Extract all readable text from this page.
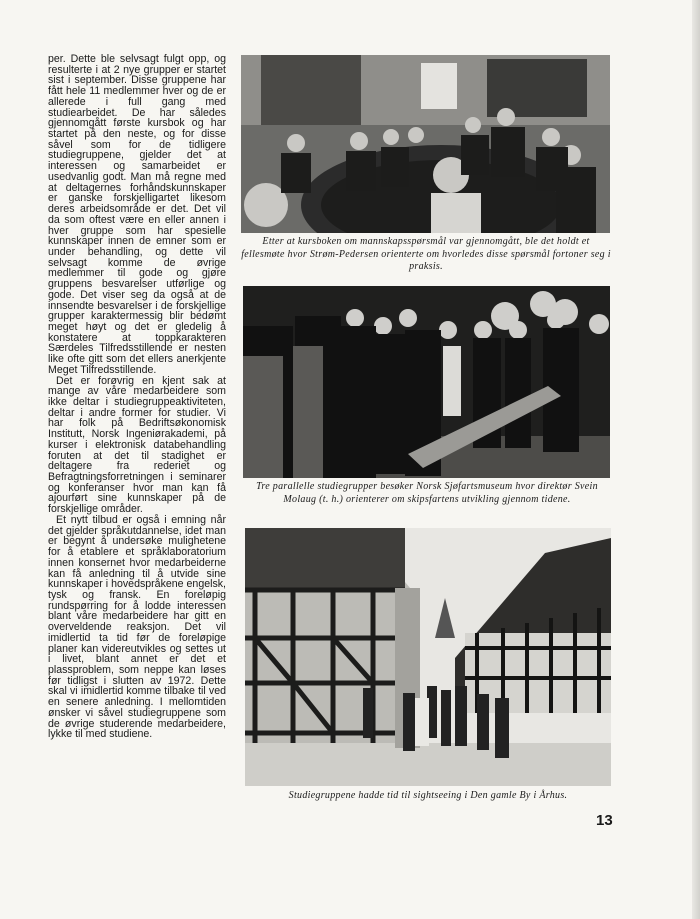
per. Dette ble selvsagt fulgt opp, og resulterte i at 2 nye grupper er startet sist i september. Disse gruppene har fått hele 11 medlemmer hver og de er allerede i full gang med studiearbeidet. De har således gjennomgått første kursbok og har startet på den neste, og for disse såvel som for de tidligere studiegruppene, gjelder det at interessen og samarbeidet er usedvanlig godt. Man må regne med at deltagernes forhåndskunnskaper er ganske forskjelligartet likesom deres arbeidsområde er det. Det vil da som oftest være en eller annen i hver gruppe som har spesielle kunnskaper innen de emner som er under behandling, og dette vil selvsagt komme de øvrige medlemmer til gode og gjøre gruppens besvarelser utførlige og gode. Det viser seg da også at de innsendte besvarelser i de forskjellige grupper karaktermessig blir bedømt meget høyt og det er gledelig å konstatere at toppkarakteren Særdeles Tilfredsstillende er nesten like ofte gitt som det ellers anerkjente Meget Tilfredsstillende.

Det er forøvrig en kjent sak at mange av våre medarbeidere som ikke deltar i studiegruppeaktiviteten, deltar i andre former for studier. Vi har folk på Bedriftsøkonomisk Institutt, Norsk Ingeniørakademi, på kurser i elektronisk databehandling foruten at det til stadighet er deltagere fra rederiet og Befragtningsforretningen i seminarer og konferanser hvor man kan få ajourført sine kunnskaper på de forskjellige områder.

Et nytt tilbud er også i emning når det gjelder språkutdannelse, idet man er begynt å undersøke mulighetene for å etablere et språklaboratorium innen konsernet hvor medarbeiderne kan få anledning til å utvide sine kunnskaper i hovedspråkene engelsk, tysk og fransk. En foreløpig rundspørring for å lodde interessen blant våre medarbeidere har gitt en overveldende reaksjon. Det vil imidlertid ta tid før de foreløpige planer kan videreutvikles og settes ut i livet, blant annet er det et plassproblem, som neppe kan løses før tidligst i slutten av 1972. Dette skal vi imidlertid komme tilbake til ved en senere anledning. I mellomtiden ønsker vi såvel studiegruppene som de øvrige studerende medarbeidere, lykke til med studiene.

Etter at kursboken om mannskapsspørsmål var gjennomgått, ble det holdt et fellesmøte hvor Strøm-Pedersen orienterte om hvorledes disse spørsmål fortoner seg i praksis.
Tre parallelle studiegrupper besøker Norsk Sjøfartsmuseum hvor direktør Svein Molaug (t. h.) orienterer om skipsfartens utvikling gjennom tidene.
Studiegruppene hadde tid til sightseeing i Den gamle By i Århus.
13
